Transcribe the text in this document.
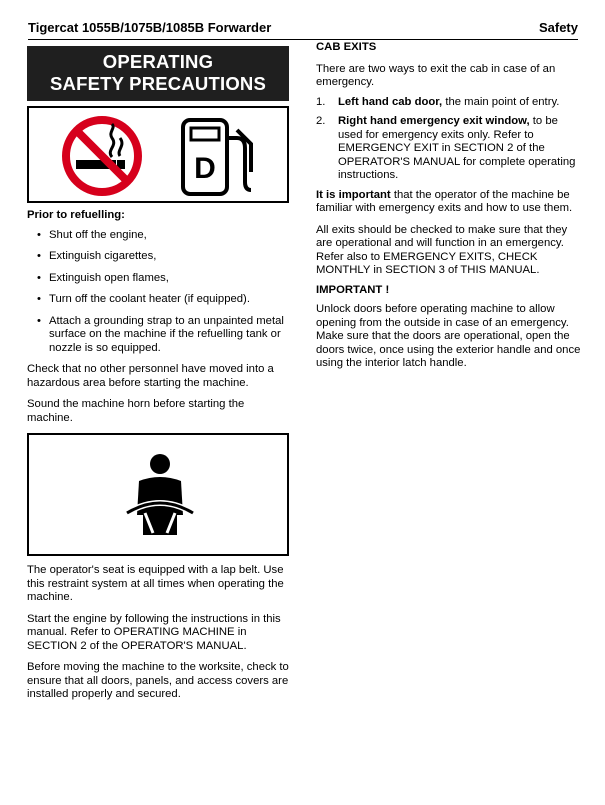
Tigercat 1055B/1075B/1085B Forwarder	Safety
OPERATING
SAFETY PRECAUTIONS
D

Prior to refuelling:

• Shut off the engine,
• Extinguish cigarettes,
• Extinguish open flames,
• Turn off the coolant heater (if equipped).
• Attach a grounding strap to an unpainted metal surface on the machine if the refuelling tank or nozzle is so equipped.

Check that no other personnel have moved into a hazardous area before starting the machine.

Sound the machine horn before starting the machine.

The operator's seat is equipped with a lap belt. Use this restraint system at all times when operating the machine.

Start the engine by following the instructions in this manual. Refer to OPERATING MACHINE in SECTION 2 of the OPERATOR'S MANUAL.

Before moving the machine to the worksite, check to ensure that all doors, panels, and access covers are installed properly and secured.

CAB EXITS

There are two ways to exit the cab in case of an emergency.

1. Left hand cab door, the main point of entry.
2. Right hand emergency exit window, to be used for emergency exits only. Refer to EMERGENCY EXIT in SECTION 2 of the OPERATOR'S MANUAL for complete operating instructions.

It is important that the operator of the machine be familiar with emergency exits and how to use them.

All exits should be checked to make sure that they are operational and will function in an emergency. Refer also to EMERGENCY EXITS, CHECK MONTHLY in SECTION 3 of THIS MANUAL.

IMPORTANT !

Unlock doors before operating machine to allow opening from the outside in case of an emergency. Make sure that the doors are operational, open the doors twice, once using the exterior handle and once using the interior latch handle.
